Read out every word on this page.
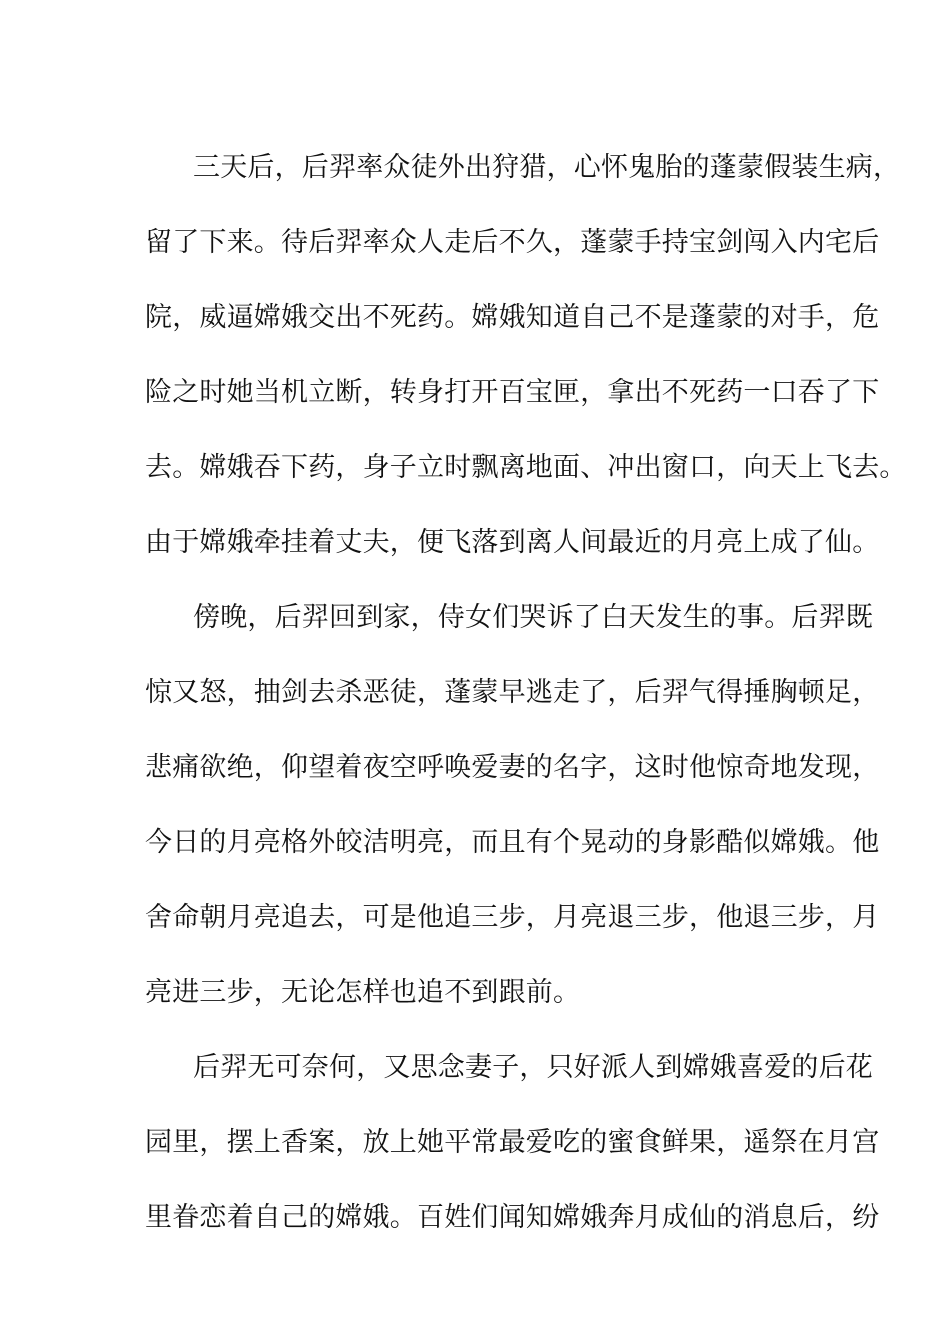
三天后，后羿率众徒外出狩猎，心怀鬼胎的蓬蒙假装生病，
留了下来。待后羿率众人走后不久，蓬蒙手持宝剑闯入内宅后
院，威逼嫦娥交出不死药。嫦娥知道自己不是蓬蒙的对手，危
险之时她当机立断，转身打开百宝匣，拿出不死药一口吞了下
去。嫦娥吞下药，身子立时飘离地面、冲出窗口，向天上飞去。
由于嫦娥牵挂着丈夫，便飞落到离人间最近的月亮上成了仙。
傍晚，后羿回到家，侍女们哭诉了白天发生的事。后羿既
惊又怒，抽剑去杀恶徒，蓬蒙早逃走了，后羿气得捶胸顿足，
悲痛欲绝，仰望着夜空呼唤爱妻的名字，这时他惊奇地发现，
今日的月亮格外皎洁明亮，而且有个晃动的身影酷似嫦娥。他
舍命朝月亮追去，可是他追三步，月亮退三步，他退三步，月
亮进三步，无论怎样也追不到跟前。
后羿无可奈何，又思念妻子，只好派人到嫦娥喜爱的后花
园里，摆上香案，放上她平常最爱吃的蜜食鲜果，遥祭在月宫
里眷恋着自己的嫦娥。百姓们闻知嫦娥奔月成仙的消息后，纷
